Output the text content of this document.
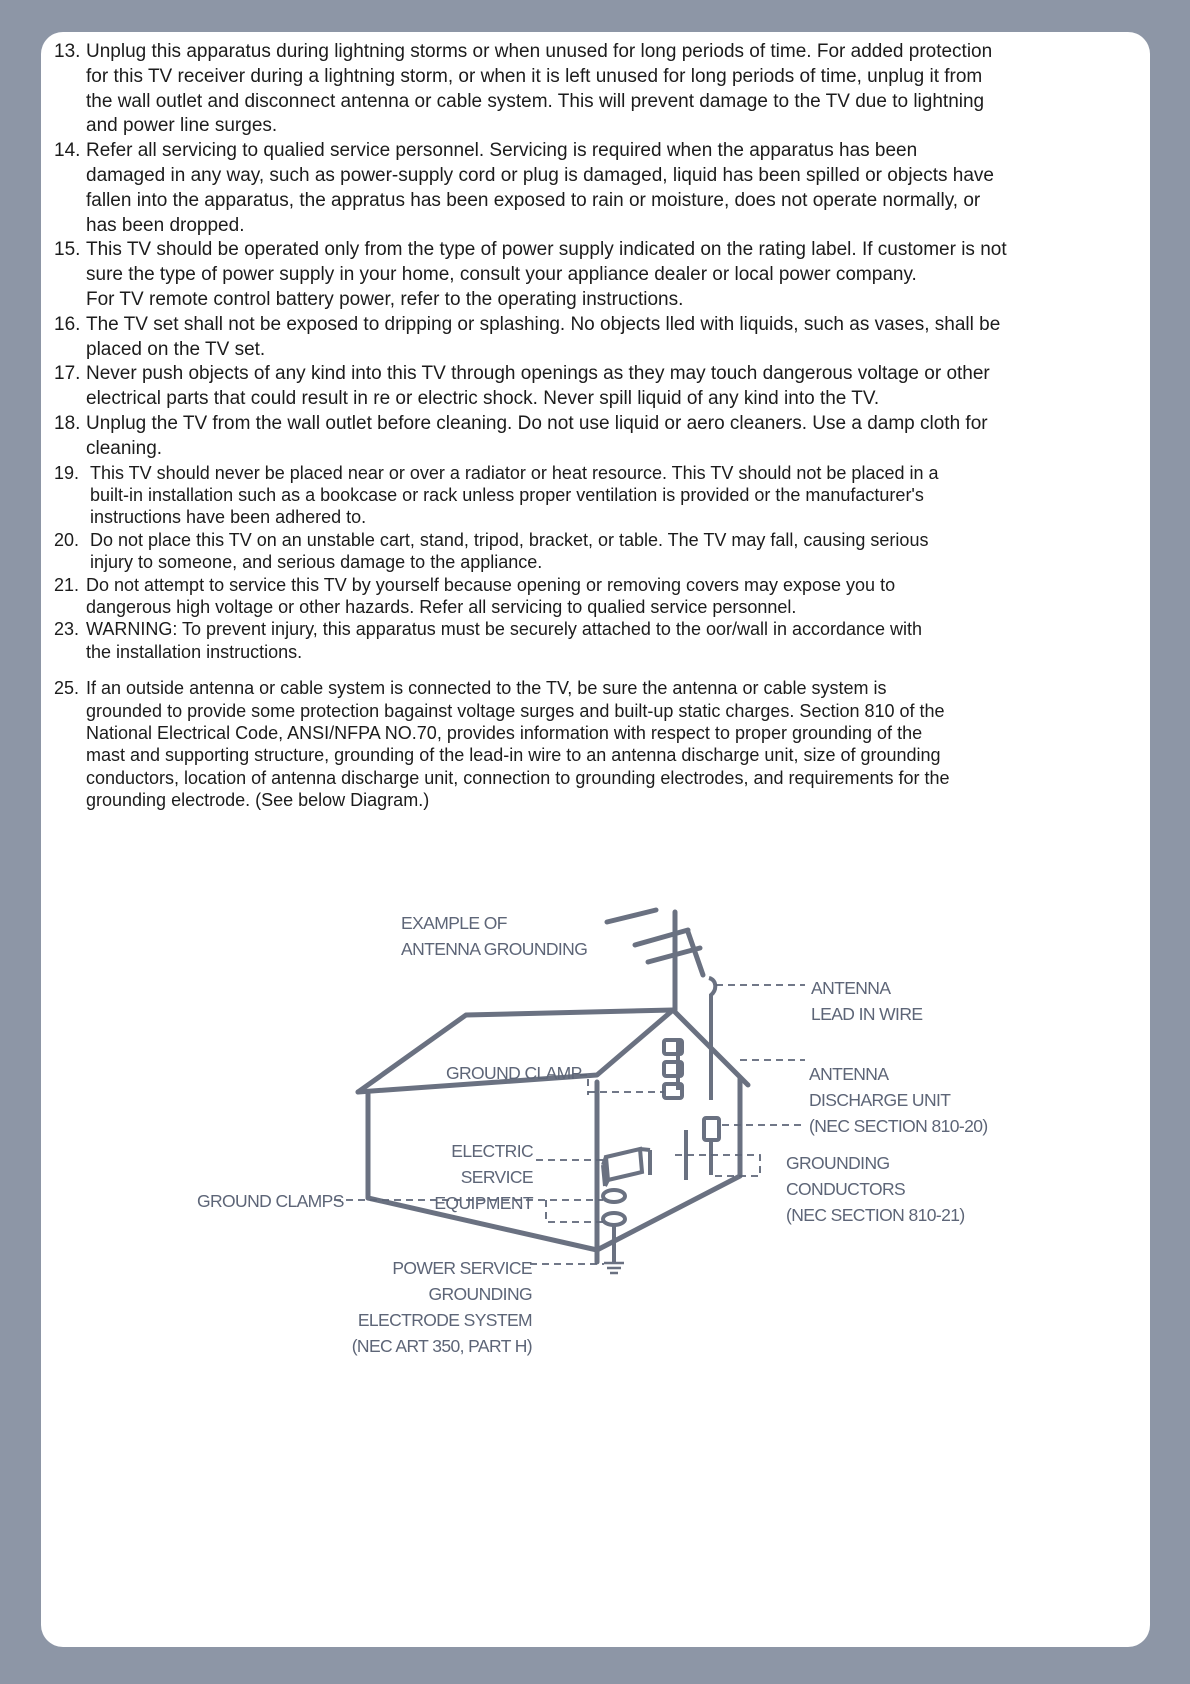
13. Unplug this apparatus during lightning storms or when unused for long periods of time. For added protection
for this TV receiver during a lightning storm, or when it is left unused for long periods of time, unplug it from
the wall outlet and disconnect antenna or cable system. This will prevent damage to the TV due to lightning
and power line surges.
14. Refer all servicing to qualied service personnel. Servicing is required when the apparatus has been
damaged in any way, such as power-supply cord or plug is damaged, liquid has been spilled or objects have
fallen into the apparatus, the appratus has been exposed to rain or moisture, does not operate normally, or
has been dropped.
15. This TV should be operated only from the type of power supply indicated on the rating label. If customer is not
sure the type of power supply in your home, consult your appliance dealer or local power company.
For TV remote control battery power, refer to the operating instructions.
16. The TV set shall not be exposed to dripping or splashing. No objects lled with liquids, such as vases, shall be
placed on the TV set.
17. Never push objects of any kind into this TV through openings as they may touch dangerous voltage or other
electrical parts that could result in re or electric shock. Never spill liquid of any kind into the TV.
18. Unplug the TV from the wall outlet before cleaning. Do not use liquid or aero cleaners. Use a damp cloth for
cleaning.
19. This TV should never be placed near or over a radiator or heat resource. This TV should not be placed in a
built-in installation such as a bookcase or rack unless proper ventilation is provided or the manufacturer's
instructions have been adhered to.
20. Do not place this TV on an unstable cart, stand, tripod, bracket, or table. The TV may fall, causing serious
injury to someone, and serious damage to the appliance.
21. Do not attempt to service this TV by yourself because opening or removing covers may expose you to
dangerous high voltage or other hazards. Refer all servicing to qualied service personnel.
23. WARNING: To prevent injury, this apparatus must be securely attached to the oor/wall in accordance with
the installation instructions.
25. If an outside antenna or cable system is connected to the TV, be sure the antenna or cable system is
grounded to provide some protection bagainst voltage surges and built-up static charges. Section 810 of the
National Electrical Code, ANSI/NFPA NO.70, provides information with respect to proper grounding of the
mast and supporting structure, grounding of the lead-in wire to an antenna discharge unit, size of grounding
conductors, location of antenna discharge unit, connection to grounding electrodes, and requirements for the
grounding electrode. (See below Diagram.)
EXAMPLE OF
ANTENNA GROUNDING
ANTENNA
LEAD IN WIRE
GROUND CLAMP	ANTENNA
DISCHARGE UNIT
(NEC SECTION 810-20)
ELECTRIC SERVICE
EQUIPMENT
GROUNDING
CONDUCTORS
(NEC SECTION 810-21)
GROUND CLAMPS
POWER SERVICE GROUNDING
ELECTRODE SYSTEM
(NEC ART 350, PART H)
